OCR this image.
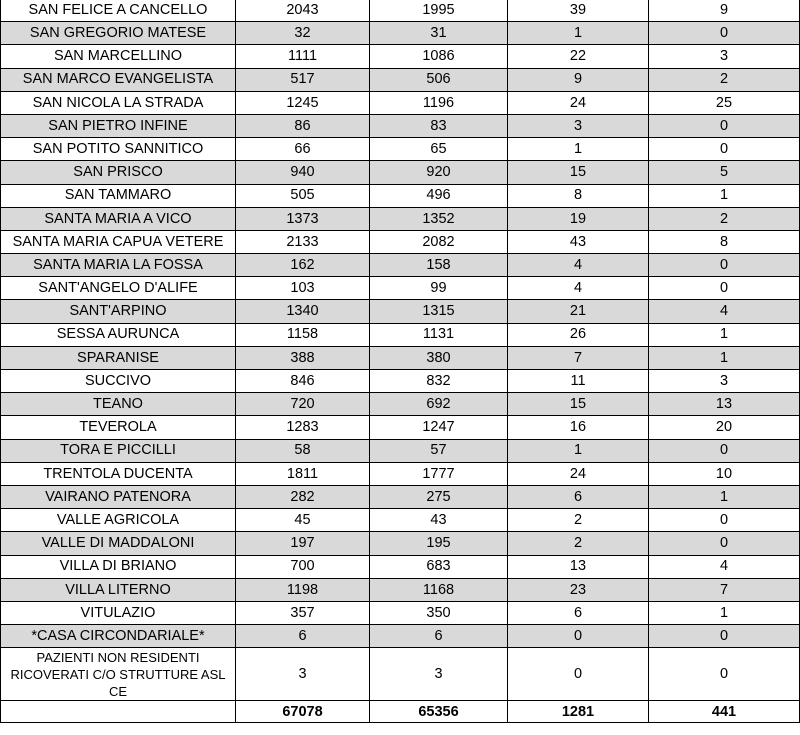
SAN FELICE A CANCELLO	2043	1995	39	9
SAN GREGORIO MATESE	32	31	1	0
SAN MARCELLINO	1111	1086	22	3
SAN MARCO EVANGELISTA	517	506	9	2
SAN NICOLA LA STRADA	1245	1196	24	25
SAN PIETRO INFINE	86	83	3	0
SAN POTITO SANNITICO	66	65	1	0
SAN PRISCO	940	920	15	5
SAN TAMMARO	505	496	8	1
SANTA MARIA A VICO	1373	1352	19	2
SANTA MARIA CAPUA VETERE	2133	2082	43	8
SANTA MARIA LA FOSSA	162	158	4	0
SANT'ANGELO D'ALIFE	103	99	4	0
SANT'ARPINO	1340	1315	21	4
SESSA AURUNCA	1158	1131	26	1
SPARANISE	388	380	7	1
SUCCIVO	846	832	11	3
TEANO	720	692	15	13
TEVEROLA	1283	1247	16	20
TORA E PICCILLI	58	57	1	0
TRENTOLA DUCENTA	1811	1777	24	10
VAIRANO PATENORA	282	275	6	1
VALLE AGRICOLA	45	43	2	0
VALLE DI MADDALONI	197	195	2	0
VILLA DI BRIANO	700	683	13	4
VILLA LITERNO	1198	1168	23	7
VITULAZIO	357	350	6	1
*CASA CIRCONDARIALE*	6	6	0	0
PAZIENTI NON RESIDENTI RICOVERATI C/O STRUTTURE ASL CE	3	3	0	0
	67078	65356	1281	441
